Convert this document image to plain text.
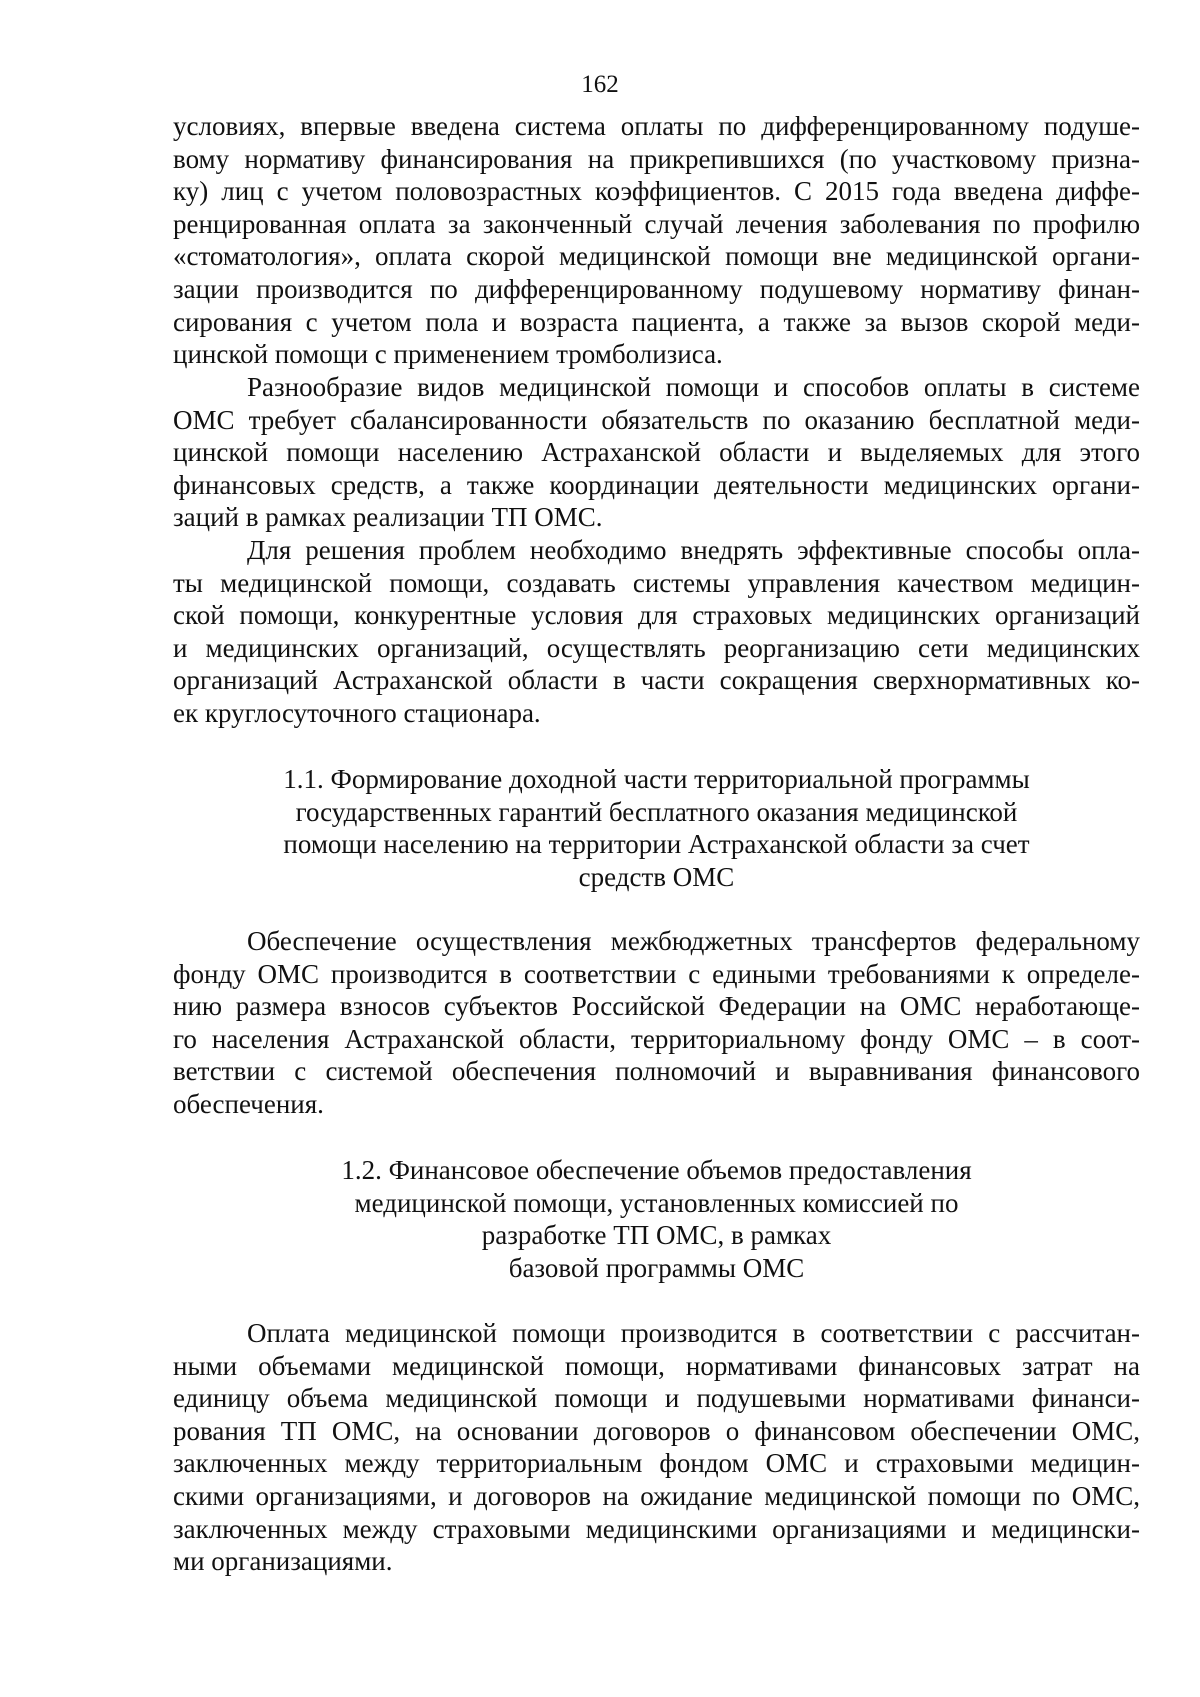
162
условиях, впервые введена система оплаты по дифференцированному подуше-
вому нормативу финансирования на прикрепившихся (по участковому призна-
ку) лиц с учетом половозрастных коэффициентов. С 2015 года введена диффе-
ренцированная оплата за законченный случай лечения заболевания по профилю
«стоматология», оплата скорой медицинской помощи вне медицинской органи-
зации производится по дифференцированному подушевому нормативу финан-
сирования с учетом пола и возраста пациента, а также за вызов скорой меди-
цинской помощи с применением тромболизиса.
Разнообразие видов медицинской помощи и способов оплаты в системе
ОМС требует сбалансированности обязательств по оказанию бесплатной меди-
цинской помощи населению Астраханской области и выделяемых для этого
финансовых средств, а также координации деятельности медицинских органи-
заций в рамках реализации ТП ОМС.
Для решения проблем необходимо внедрять эффективные способы опла-
ты медицинской помощи, создавать системы управления качеством медицин-
ской помощи, конкурентные условия для страховых медицинских организаций
и медицинских организаций, осуществлять реорганизацию сети медицинских
организаций Астраханской области в части сокращения сверхнормативных ко-
ек круглосуточного стационара.
1.1. Формирование доходной части территориальной программы
государственных гарантий бесплатного оказания медицинской
помощи населению на территории Астраханской области за счет
средств ОМС
Обеспечение осуществления межбюджетных трансфертов федеральному
фонду ОМС производится в соответствии с едиными требованиями к определе-
нию размера взносов субъектов Российской Федерации на ОМС неработающе-
го населения Астраханской области, территориальному фонду ОМС – в соот-
ветствии с системой обеспечения полномочий и выравнивания финансового
обеспечения.
1.2. Финансовое обеспечение объемов предоставления
медицинской помощи, установленных комиссией по
разработке ТП ОМС, в рамках
базовой программы ОМС
Оплата медицинской помощи производится в соответствии с рассчитан-
ными объемами медицинской помощи, нормативами финансовых затрат на
единицу объема медицинской помощи и подушевыми нормативами финанси-
рования ТП ОМС, на основании договоров о финансовом обеспечении ОМС,
заключенных между территориальным фондом ОМС и страховыми медицин-
скими организациями, и договоров на ожидание медицинской помощи по ОМС,
заключенных между страховыми медицинскими организациями и медицински-
ми организациями.
